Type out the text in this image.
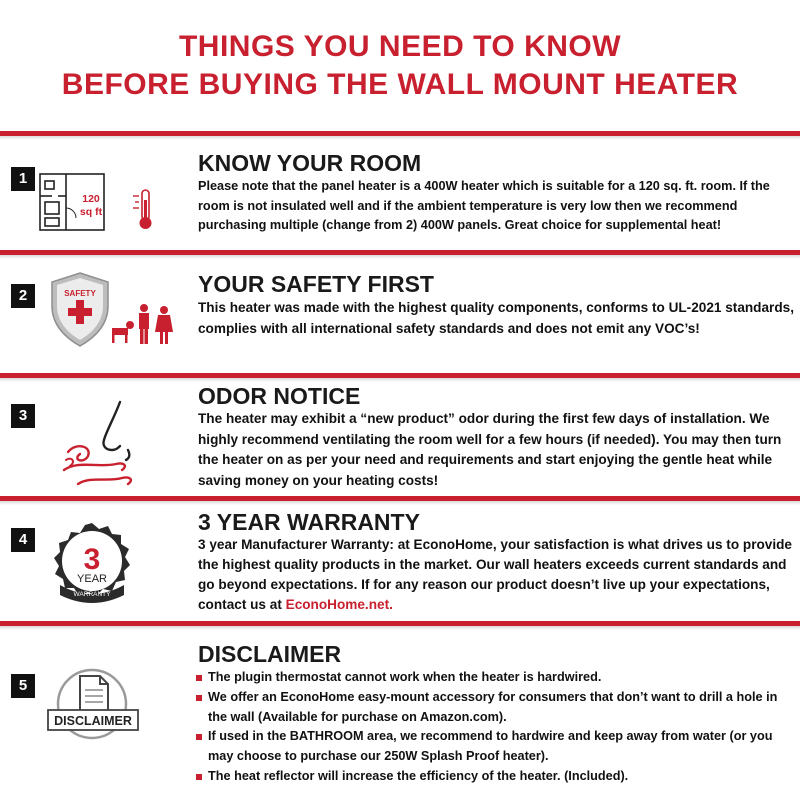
THINGS YOU NEED TO KNOW
BEFORE BUYING THE WALL MOUNT HEATER
1
120
sq ft
KNOW YOUR ROOM
Please note that the panel heater is a 400W heater which is suitable for a 120 sq. ft. room. If the room is not insulated well and if the ambient temperature is very low then we recommend purchasing multiple (change from 2) 400W panels. Great choice for supplemental heat!
2	SAFETY	YOUR SAFETY FIRST
This heater was made with the highest quality components, conforms to UL-2021 standards, complies with all international safety standards and does not emit any VOC’s!
3
ODOR NOTICE
The heater may exhibit a “new product” odor during the first few days of installation. We highly recommend ventilating the room well for a few hours (if needed). You may then turn the heater on as per your need and requirements and start enjoying the gentle heat while saving money on your heating costs!
4
3
YEAR
WARRANTY
3 YEAR WARRANTY
3 year Manufacturer Warranty: at EconoHome, your satisfaction is what drives us to provide the highest quality products in the market. Our wall heaters exceeds current standards and go beyond expectations. If for any reason our product doesn’t live up your expectations, contact us at EconoHome.net.
5
DISCLAIMER
DISCLAIMER
The plugin thermostat cannot work when the heater is hardwired.
We offer an EconoHome easy-mount accessory for consumers that don’t want to drill a hole in the wall (Available for purchase on Amazon.com).
If used in the BATHROOM area, we recommend to hardwire and keep away from water (or you may choose to purchase our 250W Splash Proof heater).
The heat reflector will increase the efficiency of the heater. (Included).
